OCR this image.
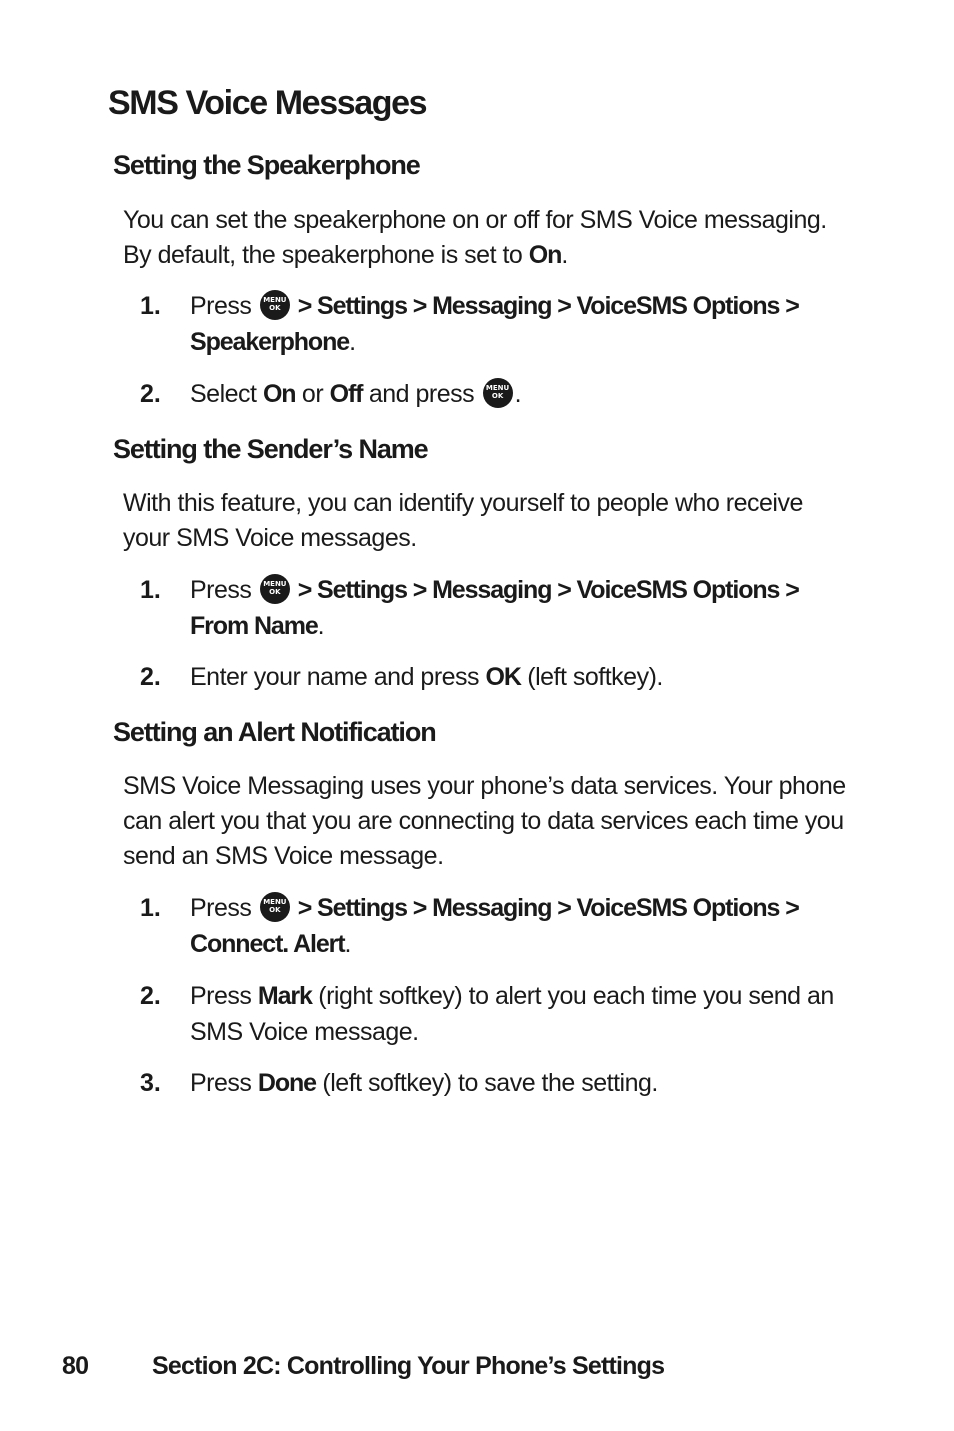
SMS Voice Messages
Setting the Speakerphone

You can set the speakerphone on or off for SMS Voice messaging. By default, the speakerphone is set to On.

1. Press MENU
OK > Settings > Messaging > VoiceSMS Options > Speakerphone.
2. Select On or Off and press MENU
OK .
Setting the Sender’s Name

With this feature, you can identify yourself to people who receive your SMS Voice messages.

1. Press MENU
OK > Settings > Messaging > VoiceSMS Options > From Name.
2. Enter your name and press OK (left softkey).
Setting an Alert Notification

SMS Voice Messaging uses your phone’s data services. Your phone can alert you that you are connecting to data services each time you send an SMS Voice message.

1. Press MENU
OK > Settings > Messaging > VoiceSMS Options > Connect. Alert.
2. Press Mark (right softkey) to alert you each time you send an SMS Voice message.
3. Press Done (left softkey) to save the setting.
80	Section 2C: Controlling Your Phone’s Settings
